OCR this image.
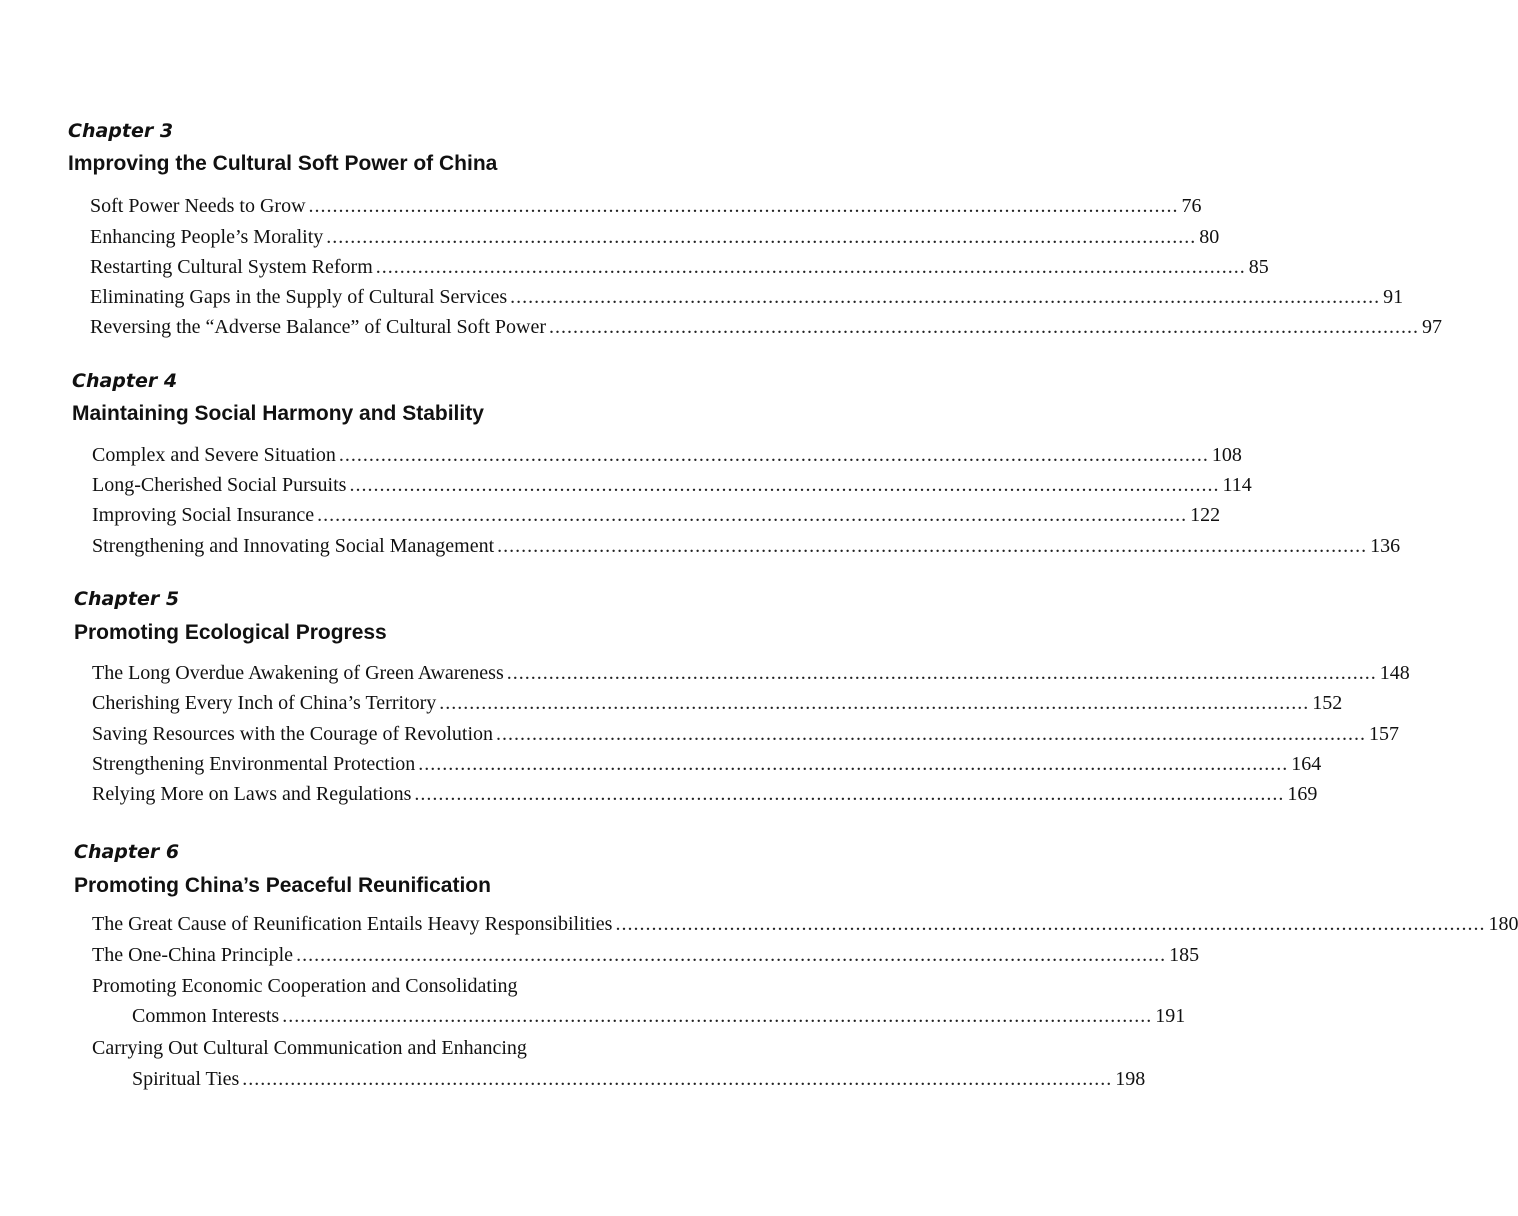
Chapter 3
Improving the Cultural Soft Power of China
Soft Power Needs to Grow ................................................................................................................................................. 76
Enhancing People’s Morality ................................................................................................................................................. 80
Restarting Cultural System Reform ................................................................................................................................................. 85
Eliminating Gaps in the Supply of Cultural Services ................................................................................................................................................. 91
Reversing the “Adverse Balance” of Cultural Soft Power ................................................................................................................................................. 97
Chapter 4
Maintaining Social Harmony and Stability
Complex and Severe Situation ................................................................................................................................................. 108
Long-Cherished Social Pursuits ................................................................................................................................................. 114
Improving Social Insurance ................................................................................................................................................. 122
Strengthening and Innovating Social Management ................................................................................................................................................. 136
Chapter 5
Promoting Ecological Progress
The Long Overdue Awakening of Green Awareness ................................................................................................................................................. 148
Cherishing Every Inch of China’s Territory ................................................................................................................................................. 152
Saving Resources with the Courage of Revolution ................................................................................................................................................. 157
Strengthening Environmental Protection ................................................................................................................................................. 164
Relying More on Laws and Regulations ................................................................................................................................................. 169
Chapter 6
Promoting China’s Peaceful Reunification
The Great Cause of Reunification Entails Heavy Responsibilities ................................................................................................................................................. 180
The One-China Principle ................................................................................................................................................. 185
Promoting Economic Cooperation and Consolidating
Common Interests ................................................................................................................................................. 191
Carrying Out Cultural Communication and Enhancing
Spiritual Ties ................................................................................................................................................. 198
